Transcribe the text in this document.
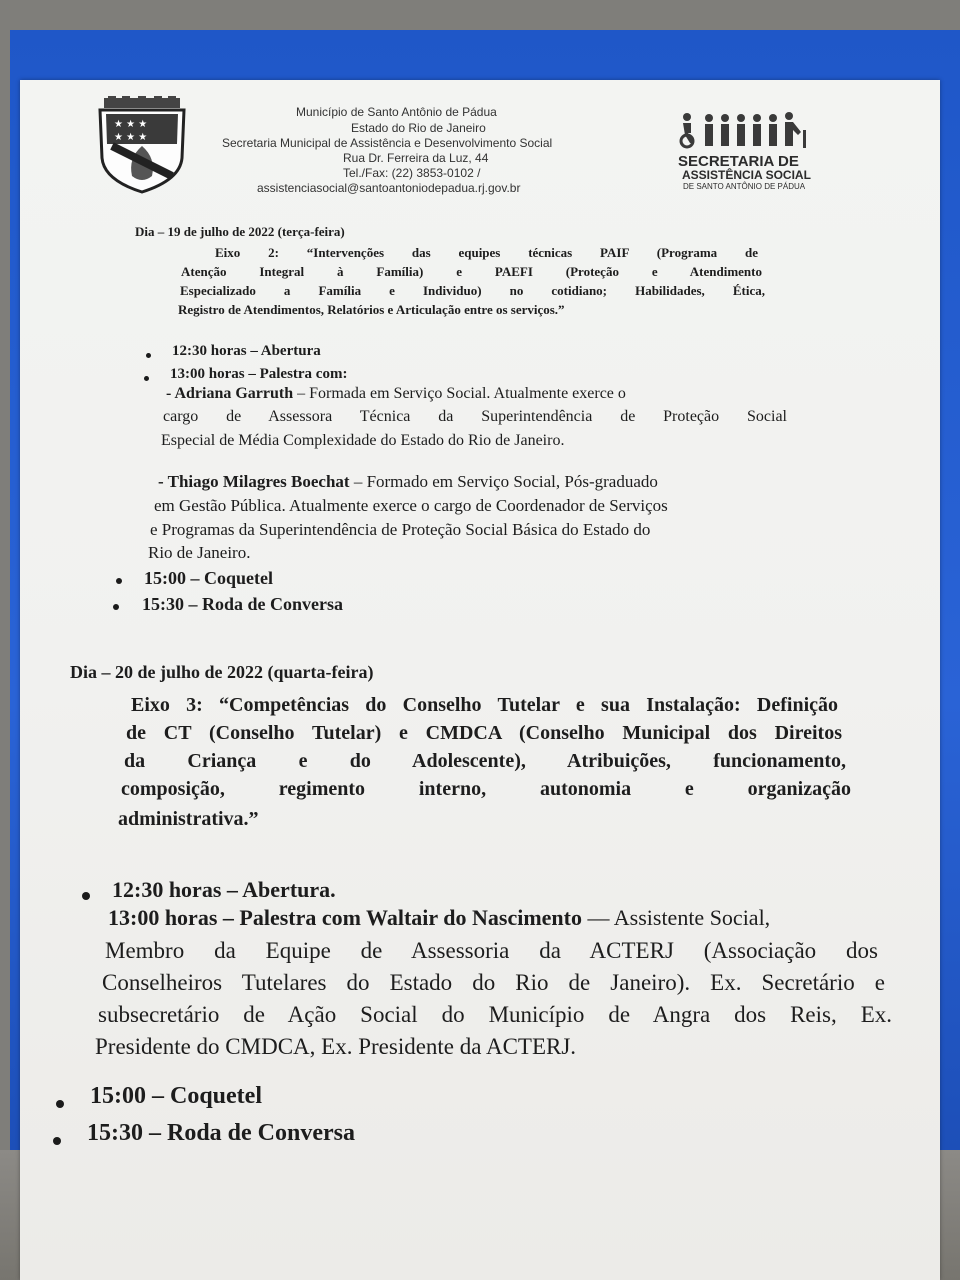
★ ★ ★
★ ★ ★
Município de Santo Antônio de Pádua
Estado do Rio de Janeiro
Secretaria Municipal de Assistência e Desenvolvimento Social
Rua Dr. Ferreira da Luz, 44
Tel./Fax: (22) 3853-0102 /
assistenciasocial@santoantoniodepadua.rj.gov.br
SECRETARIA DE
ASSISTÊNCIA SOCIAL
DE SANTO ANTÔNIO DE PÁDUA
Dia – 19 de julho de 2022 (terça-feira)
Eixo 2: “Intervenções das equipes técnicas PAIF (Programa de
Atenção Integral à Família) e PAEFI (Proteção e Atendimento
Especializado a Família e Individuo) no cotidiano; Habilidades, Ética,
Registro de Atendimentos, Relatórios e Articulação entre os serviços.”
12:30 horas – Abertura
13:00 horas – Palestra com:
- Adriana Garruth – Formada em Serviço Social. Atualmente exerce o
cargo de Assessora Técnica da Superintendência de Proteção Social
Especial de Média Complexidade do Estado do Rio de Janeiro.
- Thiago Milagres Boechat – Formado em Serviço Social, Pós-graduado
em Gestão Pública. Atualmente exerce o cargo de Coordenador de Serviços
e Programas da Superintendência de Proteção Social Básica do Estado do
Rio de Janeiro.
15:00 – Coquetel
15:30 – Roda de Conversa
Dia – 20 de julho de 2022 (quarta-feira)
Eixo 3: “Competências do Conselho Tutelar e sua Instalação: Definição
de CT (Conselho Tutelar) e CMDCA (Conselho Municipal dos Direitos
da Criança e do Adolescente), Atribuições, funcionamento,
composição, regimento interno, autonomia e organização
administrativa.”
12:30 horas – Abertura.
13:00 horas – Palestra com Waltair do Nascimento — Assistente Social,
Membro da Equipe de Assessoria da ACTERJ (Associação dos
Conselheiros Tutelares do Estado do Rio de Janeiro). Ex. Secretário e
subsecretário de Ação Social do Município de Angra dos Reis, Ex.
Presidente do CMDCA, Ex. Presidente da ACTERJ.
15:00 – Coquetel
15:30 – Roda de Conversa
